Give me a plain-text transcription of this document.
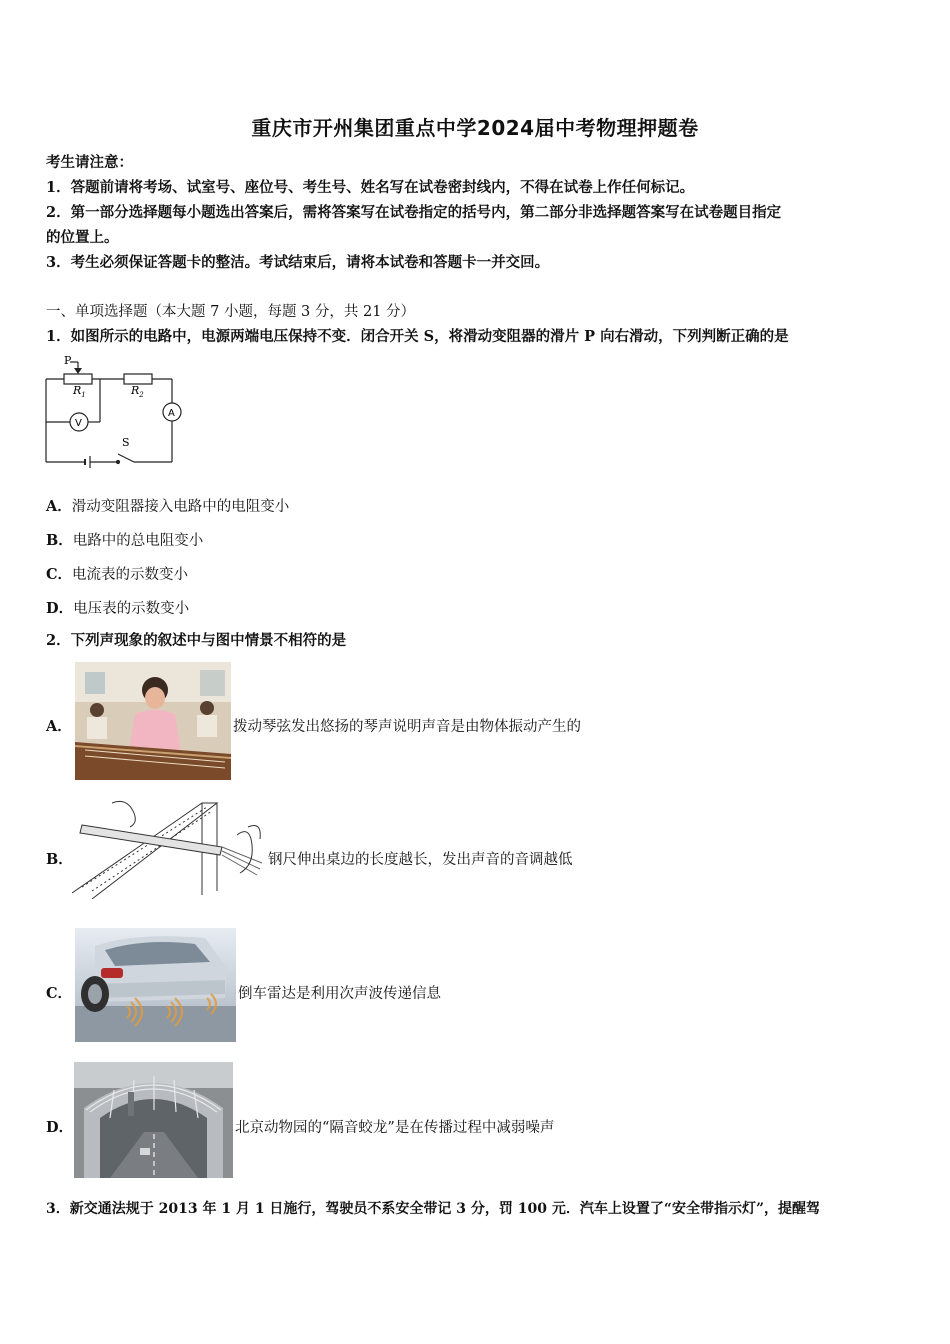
重庆市开州集团重点中学2024届中考物理押题卷
考生请注意：
1．答题前请将考场、试室号、座位号、考生号、姓名写在试卷密封线内，不得在试卷上作任何标记。
2．第一部分选择题每小题选出答案后，需将答案写在试卷指定的括号内，第二部分非选择题答案写在试卷题目指定
的位置上。
3．考生必须保证答题卡的整洁。考试结束后，请将本试卷和答题卡一并交回。
一、单项选择题（本大题 7 小题，每题 3 分，共 21 分）
1．如图所示的电路中，电源两端电压保持不变．闭合开关 S，将滑动变阻器的滑片 P 向右滑动，下列判断正确的是
P
$R_1$	$R_2$
V
A
S
A．滑动变阻器接入电路中的电阻变小
B．电路中的总电阻变小
C．电流表的示数变小
D．电压表的示数变小
2．下列声现象的叙述中与图中情景不相符的是
A．	拨动琴弦发出悠扬的琴声说明声音是由物体振动产生的
B．	钢尺伸出桌边的长度越长，发出声音的音调越低
C．	倒车雷达是利用次声波传递信息
D．	北京动物园的“隔音蛟龙”是在传播过程中减弱噪声
3．新交通法规于 2013 年 1 月 1 日施行，驾驶员不系安全带记 3 分，罚 100 元．汽车上设置了“安全带指示灯”，提醒驾
